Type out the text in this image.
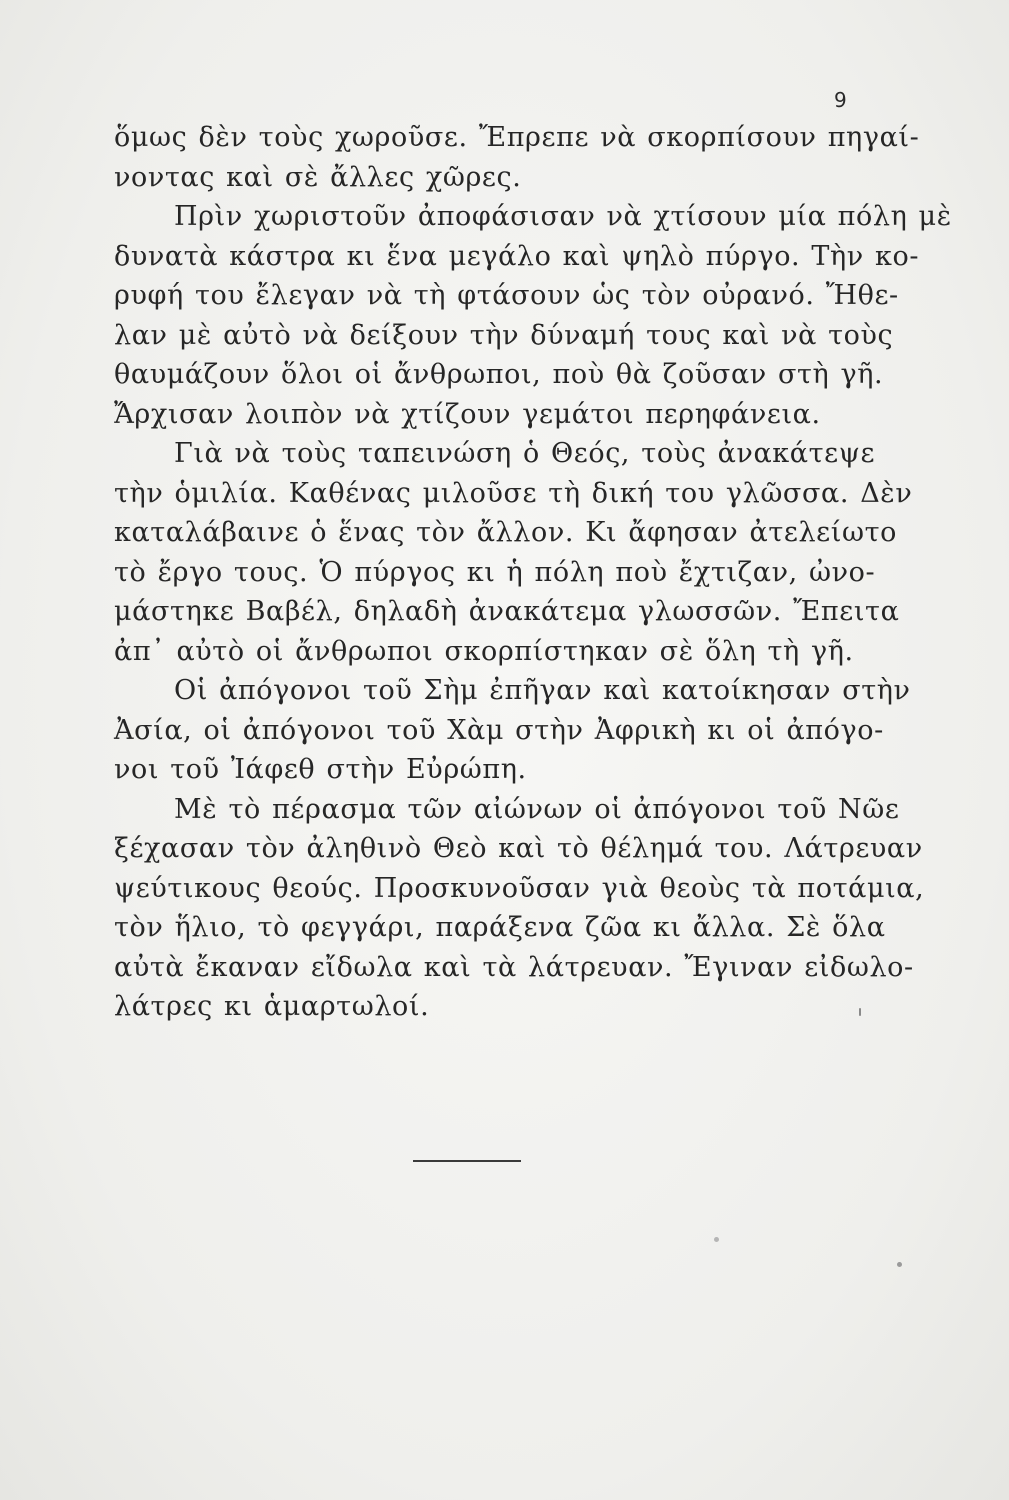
9
ὅμως δὲν τοὺς χωροῦσε. Ἔπρεπε νὰ σκορπίσουν πηγαί-
νοντας καὶ σὲ ἄλλες χῶρες.
Πρὶν χωριστοῦν ἀποφάσισαν νὰ χτίσουν μία πόλη μὲ
δυνατὰ κάστρα κι ἕνα μεγάλο καὶ ψηλὸ πύργο. Τὴν κο-
ρυφή του ἔλεγαν νὰ τὴ φτάσουν ὡς τὸν οὐρανό. Ἤθε-
λαν μὲ αὐτὸ νὰ δείξουν τὴν δύναμή τους καὶ νὰ τοὺς
θαυμάζουν ὅλοι οἱ ἄνθρωποι, ποὺ θὰ ζοῦσαν στὴ γῆ.
Ἄρχισαν λοιπὸν νὰ χτίζουν γεμάτοι περηφάνεια.
Γιὰ νὰ τοὺς ταπεινώση ὁ Θεός, τοὺς ἀνακάτεψε
τὴν ὁμιλία. Καθένας μιλοῦσε τὴ δική του γλῶσσα. Δὲν
καταλάβαινε ὁ ἕνας τὸν ἄλλον. Κι ἄφησαν ἀτελείωτο
τὸ ἔργο τους. Ὁ πύργος κι ἡ πόλη ποὺ ἔχτιζαν, ὠνο-
μάστηκε Βαβέλ, δηλαδὴ ἀνακάτεμα γλωσσῶν. Ἔπειτα
ἀπ᾿ αὐτὸ οἱ ἄνθρωποι σκορπίστηκαν σὲ ὅλη τὴ γῆ.
Οἱ ἀπόγονοι τοῦ Σὴμ ἐπῆγαν καὶ κατοίκησαν στὴν
Ἀσία, οἱ ἀπόγονοι τοῦ Χὰμ στὴν Ἀφρικὴ κι οἱ ἀπόγο-
νοι τοῦ Ἰάφεθ στὴν Εὐρώπη.
Μὲ τὸ πέρασμα τῶν αἰώνων οἱ ἀπόγονοι τοῦ Νῶε
ξέχασαν τὸν ἀληθινὸ Θεὸ καὶ τὸ θέλημά του. Λάτρευαν
ψεύτικους θεούς. Προσκυνοῦσαν γιὰ θεοὺς τὰ ποτάμια,
τὸν ἥλιο, τὸ φεγγάρι, παράξενα ζῶα κι ἄλλα. Σὲ ὅλα
αὐτὰ ἔκαναν εἴδωλα καὶ τὰ λάτρευαν. Ἔγιναν εἰδωλο-
λάτρες κι ἁμαρτωλοί.
